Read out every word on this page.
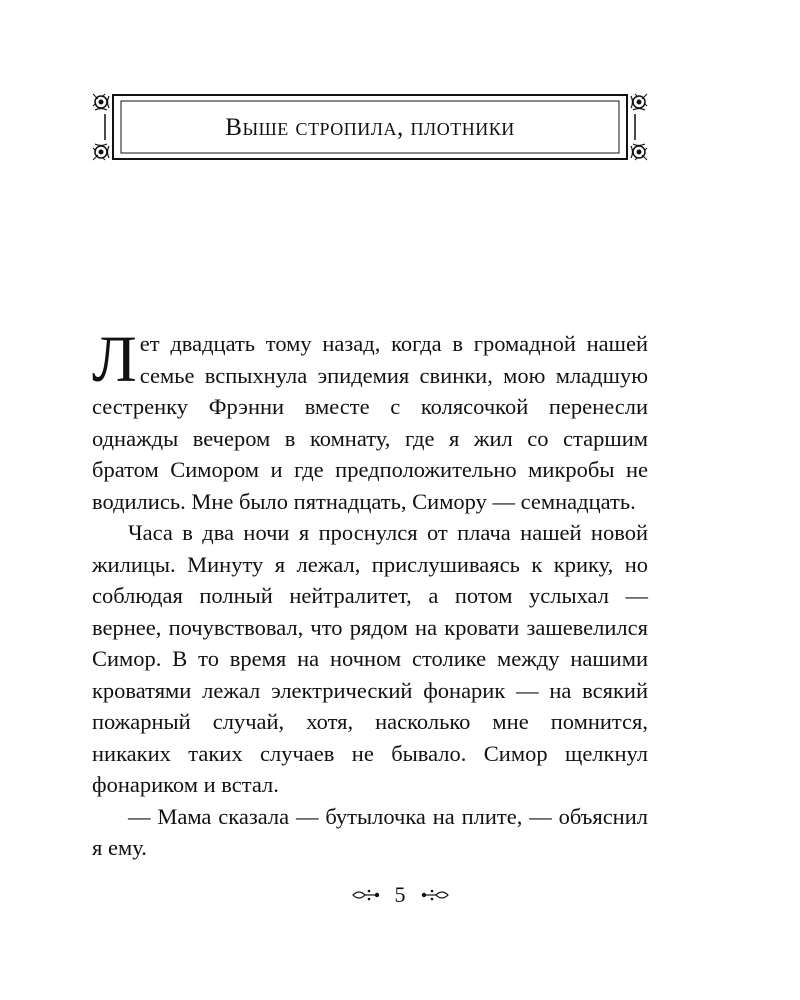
Выше стропила, плотники

Лет двадцать тому назад, когда в громадной нашей семье вспыхнула эпидемия свинки, мою младшую сестренку Фрэнни вместе с колясочкой перенесли однажды вечером в комнату, где я жил со старшим братом Симором и где предположительно микробы не водились. Мне было пятнадцать, Симору — семнадцать.

Часа в два ночи я проснулся от плача нашей новой жилицы. Минуту я лежал, прислушиваясь к крику, но соблюдая полный нейтралитет, а потом услыхал — вернее, почувствовал, что рядом на кровати зашевелился Симор. В то время на ночном столике между нашими кроватями лежал электрический фонарик — на всякий пожарный случай, хотя, насколько мне помнится, никаких таких случаев не бывало. Симор щелкнул фонариком и встал.

— Мама сказала — бутылочка на плите, — объяснил я ему.

5
